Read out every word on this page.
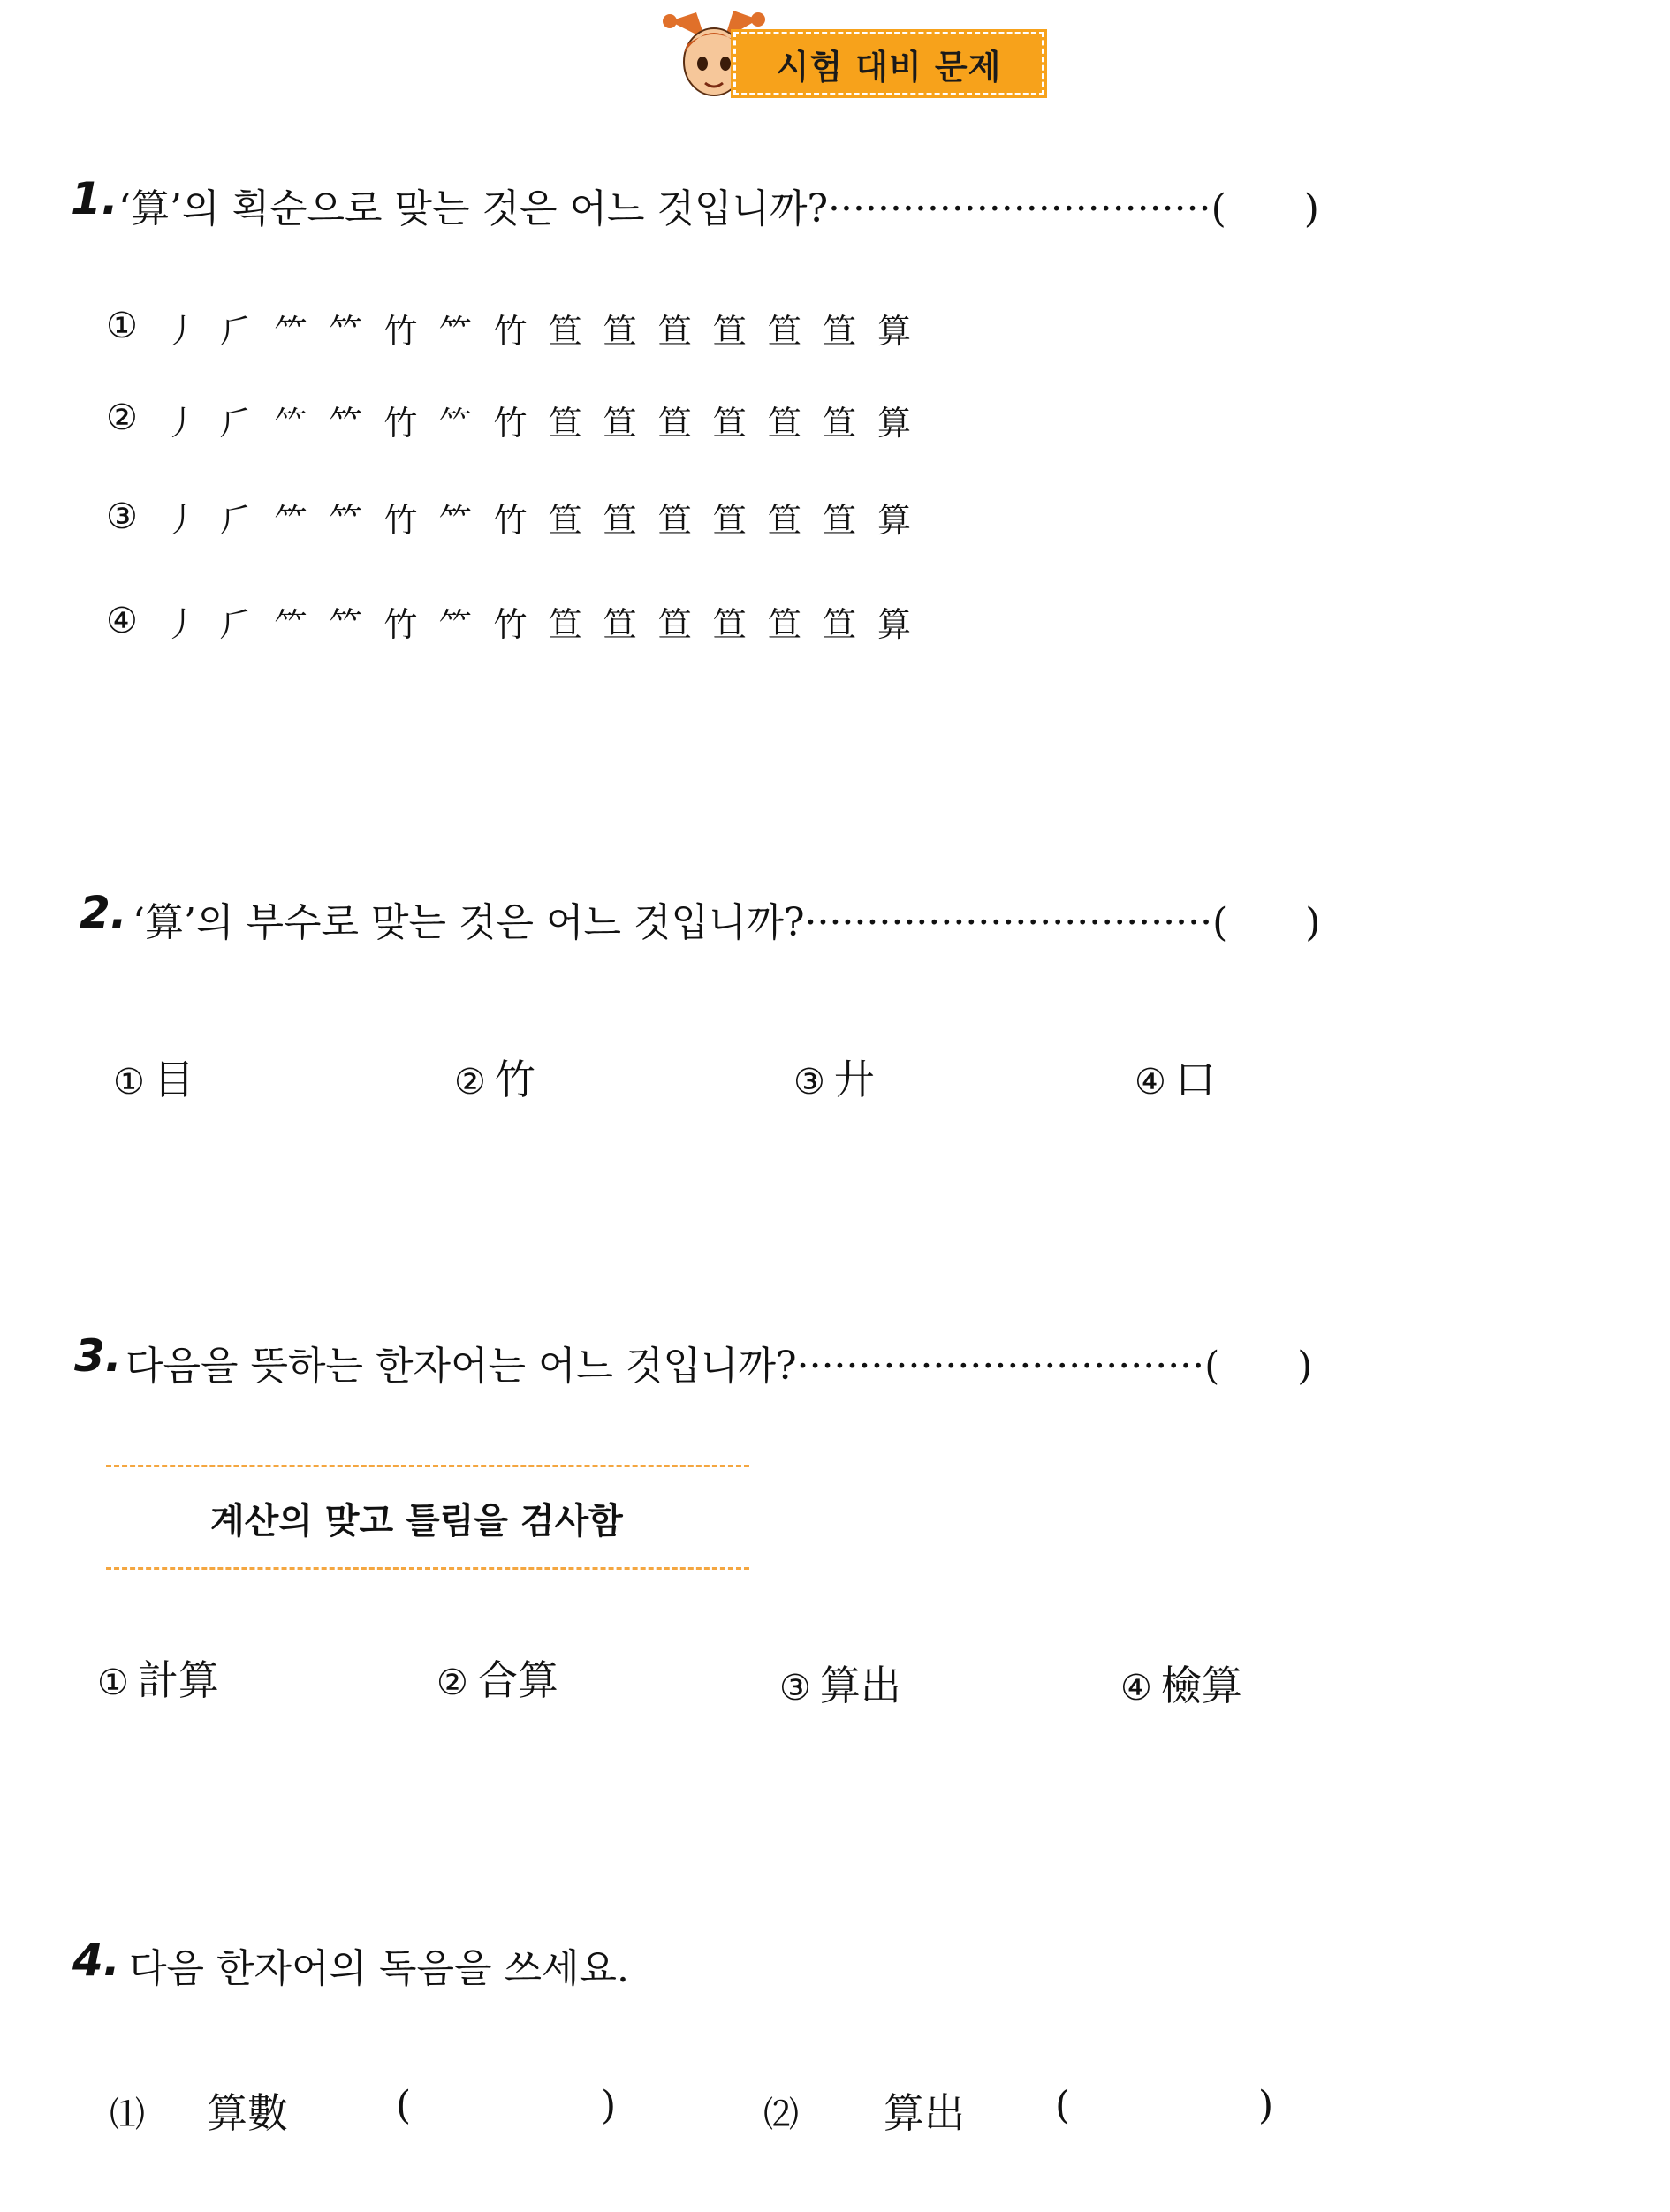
시험 대비 문제
1. ‘算’의 획순으로 맞는 것은 어느 것입니까?·······························(　　)
① 丿 ⺁ ⺮ 𥫗 竹 ⺮ 竹 笪 笪 笪 笪 笪 笪 算
② 丿 ⺁ ⺮ 𥫗 竹 ⺮ 竹 笪 笪 笪 笪 笪 笪 算
③ 丿 ⺁ ⺮ 𥫗 竹 ⺮ 竹 笪 笪 笪 笪 笪 笪 算
④ 丿 ⺁ ⺮ 𥫗 竹 ⺮ 竹 笪 笪 笪 笪 笪 笪 算
2. ‘算’의 부수로 맞는 것은 어느 것입니까?·································(　　)
① 目	② 竹	③ 廾	④ 口
3. 다음을 뜻하는 한자어는 어느 것입니까?·································(　　)
계산의 맞고 틀림을 검사함
① 計算	② 合算	③ 算出	④ 檢算
4. 다음 한자어의 독음을 쓰세요.
⑴ 算數	(	)	⑵ 算出 (	)
